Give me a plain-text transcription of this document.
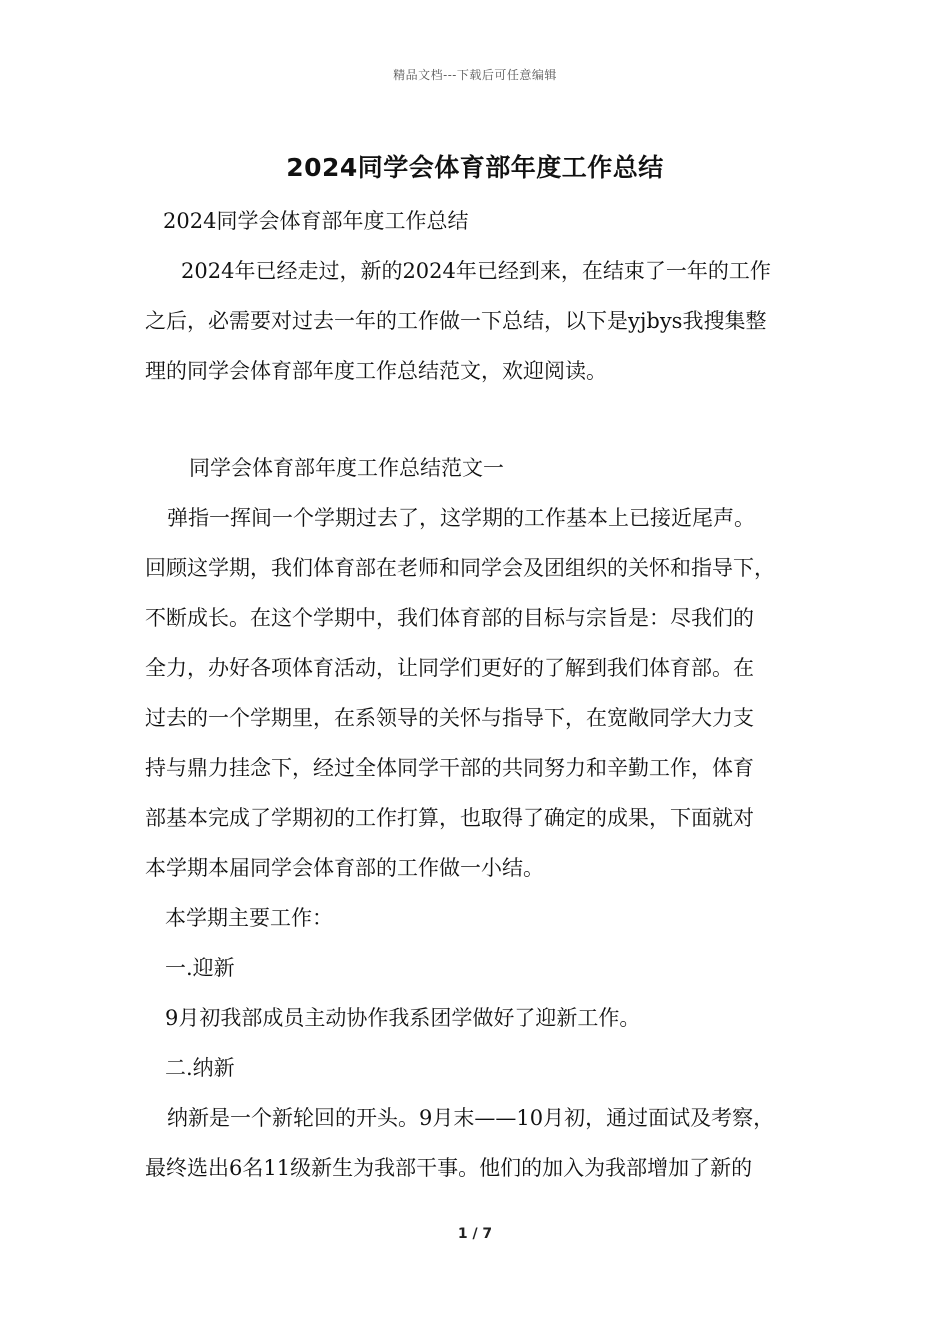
精品文档---下载后可任意编辑
2024同学会体育部年度工作总结
2024同学会体育部年度工作总结
2024年已经走过，新的2024年已经到来，在结束了一年的工作
之后，必需要对过去一年的工作做一下总结，以下是yjbys我搜集整
理的同学会体育部年度工作总结范文，欢迎阅读。
同学会体育部年度工作总结范文一
弹指一挥间一个学期过去了，这学期的工作基本上已接近尾声。
回顾这学期，我们体育部在老师和同学会及团组织的关怀和指导下，
不断成长。在这个学期中，我们体育部的目标与宗旨是：尽我们的
全力，办好各项体育活动，让同学们更好的了解到我们体育部。在
过去的一个学期里，在系领导的关怀与指导下，在宽敞同学大力支
持与鼎力挂念下，经过全体同学干部的共同努力和辛勤工作，体育
部基本完成了学期初的工作打算，也取得了确定的成果，下面就对
本学期本届同学会体育部的工作做一小结。
本学期主要工作：
一.迎新
9月初我部成员主动协作我系团学做好了迎新工作。
二.纳新
纳新是一个新轮回的开头。9月末——10月初，通过面试及考察，
最终选出6名11级新生为我部干事。他们的加入为我部增加了新的
1 / 7
